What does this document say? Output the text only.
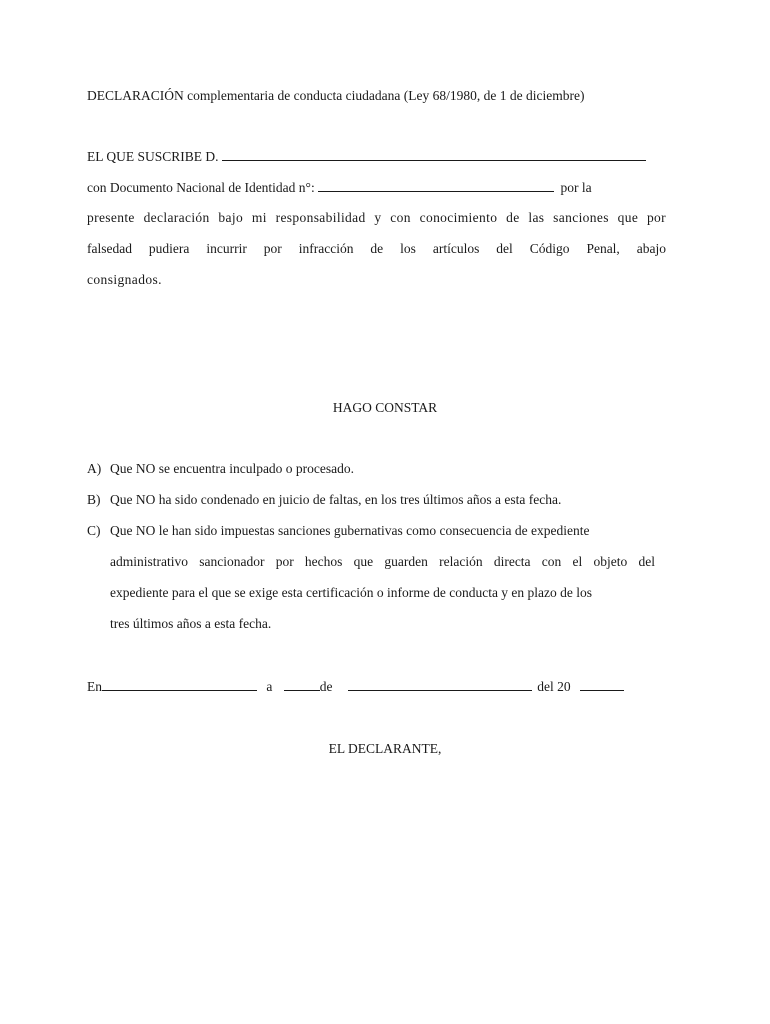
DECLARACIÓN complementaria de conducta ciudadana (Ley 68/1980, de 1 de diciembre)
EL QUE SUSCRIBE D.
con Documento Nacional de Identidad n°:	por la
presente declaración bajo mi responsabilidad y con conocimiento de las sanciones que por
falsedad pudiera incurrir por infracción de los artículos del Código Penal, abajo
consignados.
HAGO CONSTAR
A) Que NO se encuentra inculpado o procesado.
B) Que NO ha sido condenado en juicio de faltas, en los tres últimos años a esta fecha.
C) Que NO le han sido impuestas sanciones gubernativas como consecuencia de expediente
administrativo sancionador por hechos que guarden relación directa con el objeto del
expediente para el que se exige esta certificación o informe de conducta y en plazo de los
tres últimos años a esta fecha.
En	a	de	del 20
EL DECLARANTE,
